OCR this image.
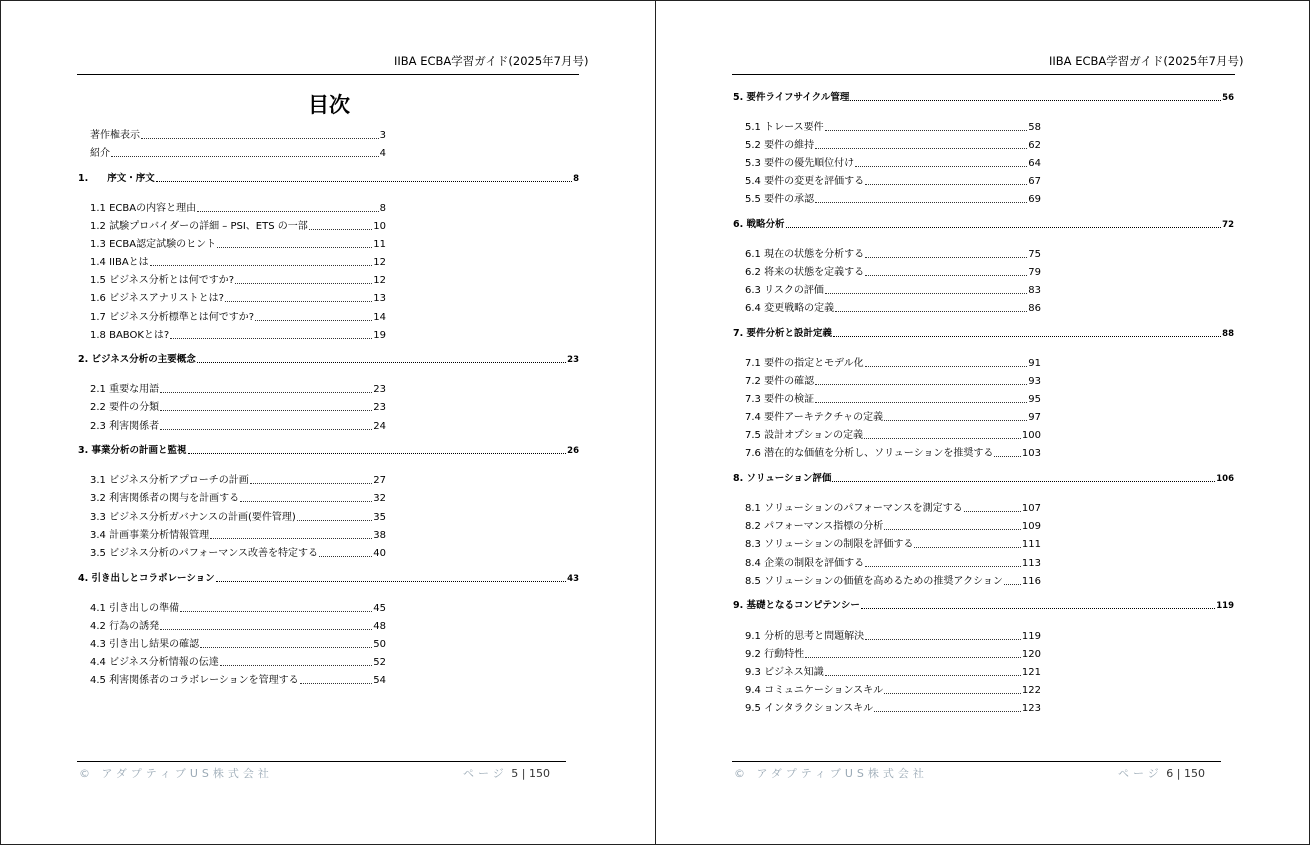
IIBA ECBA学習ガイド(2025年7月号)
目次
著作権表示	3
紹介	4
1.　　序文・序文	8
1.1 ECBAの内容と理由	8
1.2 試験プロバイダーの詳細 – PSI、ETS の一部	10
1.3 ECBA認定試験のヒント	11
1.4 IIBAとは	12
1.5 ビジネス分析とは何ですか?	12
1.6 ビジネスアナリストとは?	13
1.7 ビジネス分析標準とは何ですか?	14
1.8 BABOKとは?	19
2. ビジネス分析の主要概念	23
2.1 重要な用語	23
2.2 要件の分類	23
2.3 利害関係者	24
3. 事業分析の計画と監視	26
3.1 ビジネス分析アプローチの計画	27
3.2 利害関係者の関与を計画する	32
3.3 ビジネス分析ガバナンスの計画(要件管理)	35
3.4 計画事業分析情報管理	38
3.5 ビジネス分析のパフォーマンス改善を特定する	40
4. 引き出しとコラボレーション	43
4.1 引き出しの準備	45
4.2 行為の誘発	48
4.3 引き出し結果の確認	50
4.4 ビジネス分析情報の伝達	52
4.5 利害関係者のコラボレーションを管理する	54
© アダプティブUS株式会社	ページ 5 | 150
IIBA ECBA学習ガイド(2025年7月号)
5. 要件ライフサイクル管理	56
5.1 トレース要件	58
5.2 要件の維持	62
5.3 要件の優先順位付け	64
5.4 要件の変更を評価する	67
5.5 要件の承認	69
6. 戦略分析	72
6.1 現在の状態を分析する	75
6.2 将来の状態を定義する	79
6.3 リスクの評価	83
6.4 変更戦略の定義	86
7. 要件分析と設計定義	88
7.1 要件の指定とモデル化	91
7.2 要件の確認	93
7.3 要件の検証	95
7.4 要件アーキテクチャの定義	97
7.5 設計オプションの定義	100
7.6 潜在的な価値を分析し、ソリューションを推奨する	103
8. ソリューション評価	106
8.1 ソリューションのパフォーマンスを測定する	107
8.2 パフォーマンス指標の分析	109
8.3 ソリューションの制限を評価する	111
8.4 企業の制限を評価する	113
8.5 ソリューションの価値を高めるための推奨アクション 116
9. 基礎となるコンピテンシー	119
9.1 分析的思考と問題解決	119
9.2 行動特性	120
9.3 ビジネス知識	121
9.4 コミュニケーションスキル	122
9.5 インタラクションスキル	123
© アダプティブUS株式会社	ページ 6 | 150
